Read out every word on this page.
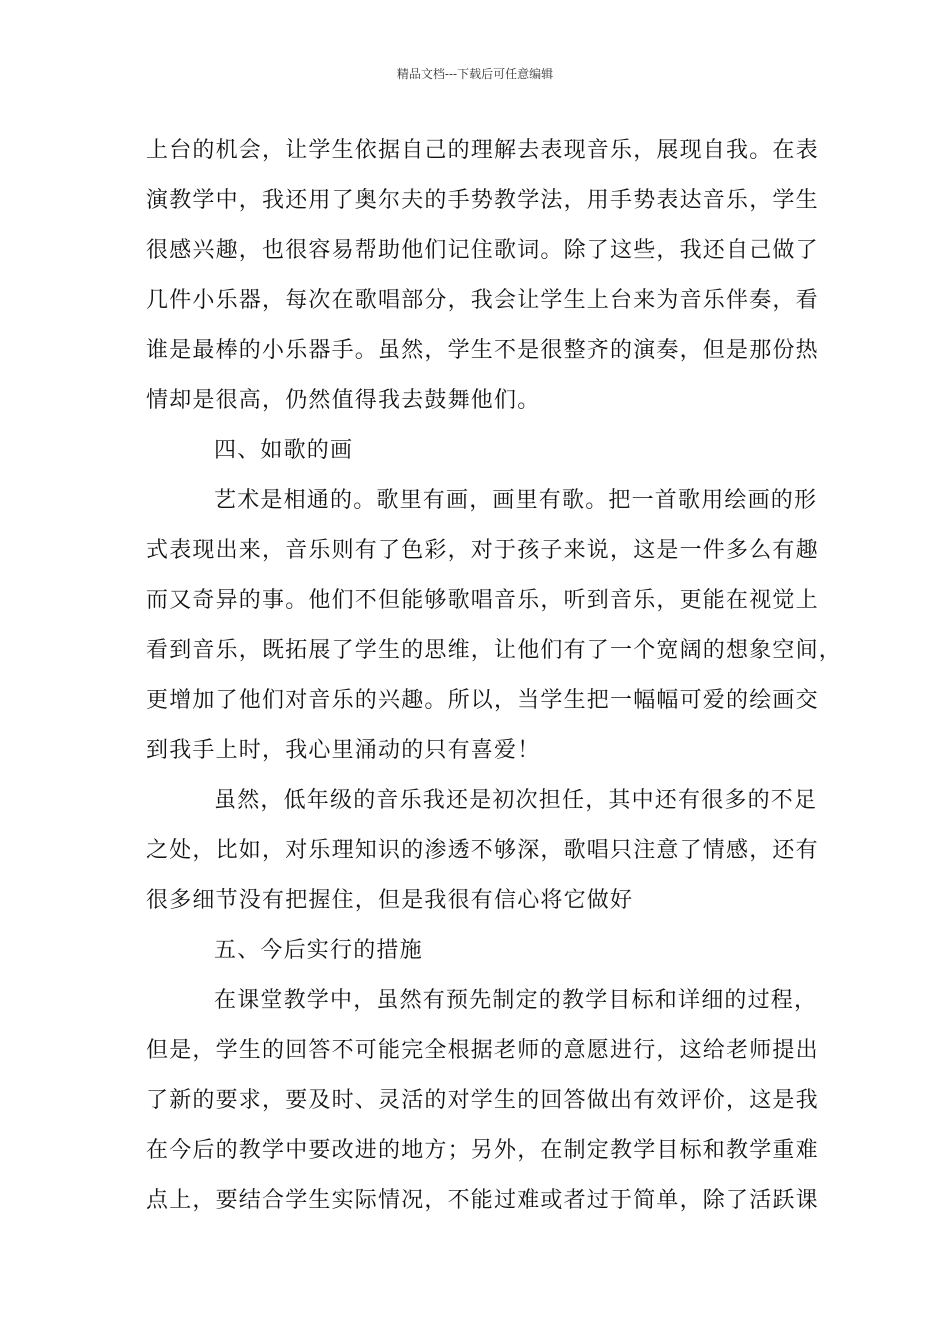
精品文档---下载后可任意编辑
上台的机会，让学生依据自己的理解去表现音乐，展现自我。在表
演教学中，我还用了奥尔夫的手势教学法，用手势表达音乐，学生
很感兴趣，也很容易帮助他们记住歌词。除了这些，我还自己做了
几件小乐器，每次在歌唱部分，我会让学生上台来为音乐伴奏，看
谁是最棒的小乐器手。虽然，学生不是很整齐的演奏，但是那份热
情却是很高，仍然值得我去鼓舞他们。
四、如歌的画
艺术是相通的。歌里有画，画里有歌。把一首歌用绘画的形
式表现出来，音乐则有了色彩，对于孩子来说，这是一件多么有趣
而又奇异的事。他们不但能够歌唱音乐，听到音乐，更能在视觉上
看到音乐，既拓展了学生的思维，让他们有了一个宽阔的想象空间，
更增加了他们对音乐的兴趣。所以，当学生把一幅幅可爱的绘画交
到我手上时，我心里涌动的只有喜爱！
虽然，低年级的音乐我还是初次担任，其中还有很多的不足
之处，比如，对乐理知识的渗透不够深，歌唱只注意了情感，还有
很多细节没有把握住，但是我很有信心将它做好
五、今后实行的措施
在课堂教学中，虽然有预先制定的教学目标和详细的过程，
但是，学生的回答不可能完全根据老师的意愿进行，这给老师提出
了新的要求，要及时、灵活的对学生的回答做出有效评价，这是我
在今后的教学中要改进的地方；另外，在制定教学目标和教学重难
点上，要结合学生实际情况，不能过难或者过于简单，除了活跃课
